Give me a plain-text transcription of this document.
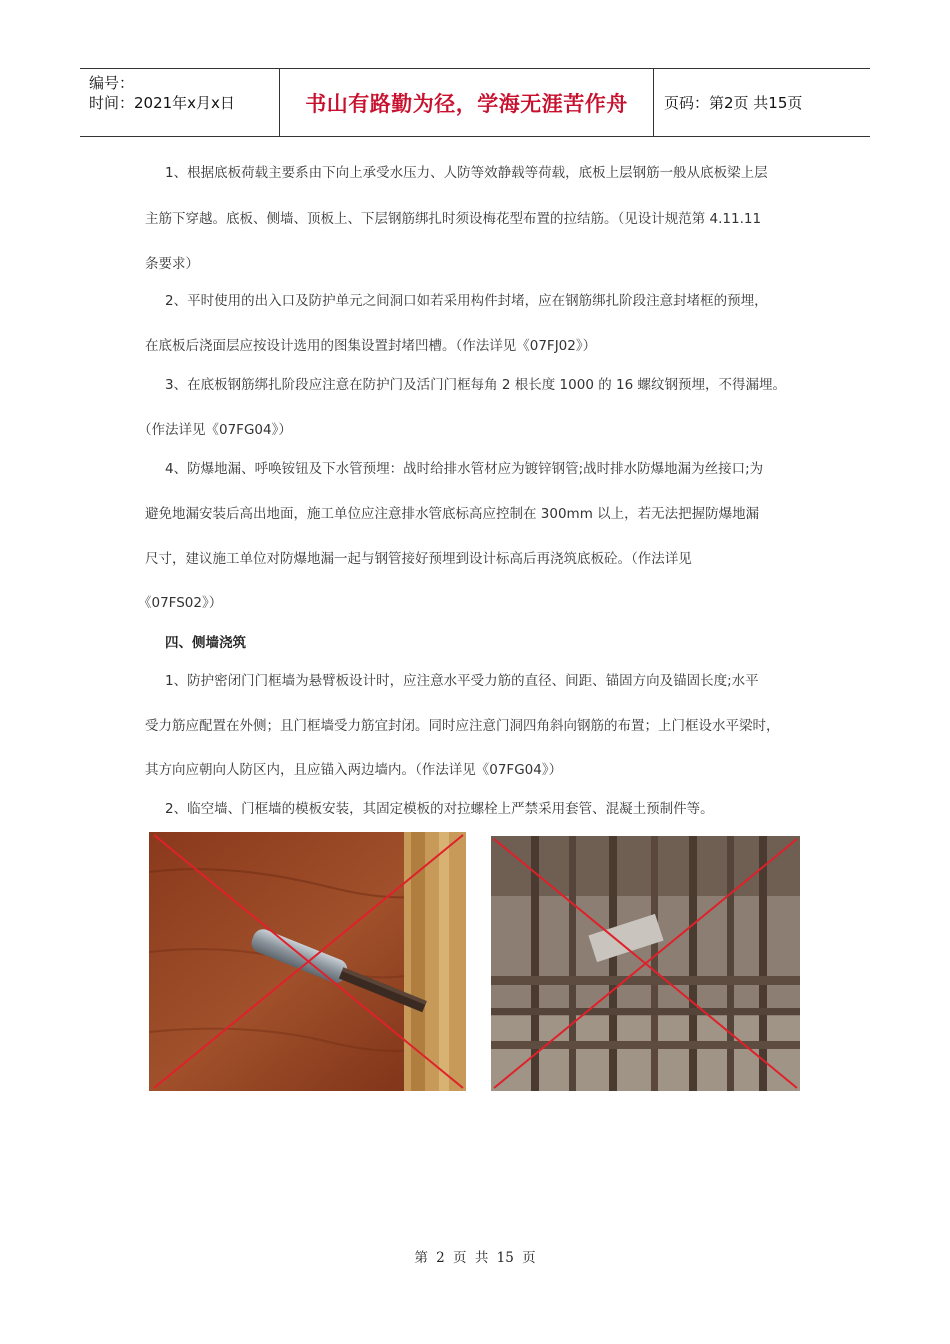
编号：
时间：2021年x月x日	书山有路勤为径，学海无涯苦作舟 页码：第2页 共15页
1、根据底板荷载主要系由下向上承受水压力、人防等效静载等荷载，底板上层钢筋一般从底板梁上层
主筋下穿越。底板、侧墙、顶板上、下层钢筋绑扎时须设梅花型布置的拉结筋。（见设计规范第 4.11.11
条要求）
2、平时使用的出入口及防护单元之间洞口如若采用构件封堵，应在钢筋绑扎阶段注意封堵框的预埋，
在底板后浇面层应按设计选用的图集设置封堵凹槽。（作法详见《07FJ02》）
3、在底板钢筋绑扎阶段应注意在防护门及活门门框每角 2 根长度 1000 的 16 螺纹钢预埋，不得漏埋。
（作法详见《07FG04》）
4、防爆地漏、呼唤铵钮及下水管预埋：战时给排水管材应为镀锌钢管;战时排水防爆地漏为丝接口;为
避免地漏安装后高出地面，施工单位应注意排水管底标高应控制在 300mm 以上，若无法把握防爆地漏
尺寸，建议施工单位对防爆地漏一起与钢管接好预埋到设计标高后再浇筑底板砼。（作法详见
《07FS02》）
四、侧墙浇筑
1、防护密闭门门框墙为悬臂板设计时，应注意水平受力筋的直径、间距、锚固方向及锚固长度;水平
受力筋应配置在外侧；且门框墙受力筋宜封闭。同时应注意门洞四角斜向钢筋的布置；上门框设水平梁时，
其方向应朝向人防区内，且应锚入两边墙内。（作法详见《07FG04》）
2、临空墙、门框墙的模板安装，其固定模板的对拉螺栓上严禁采用套管、混凝土预制件等。
第 2 页 共 15 页
